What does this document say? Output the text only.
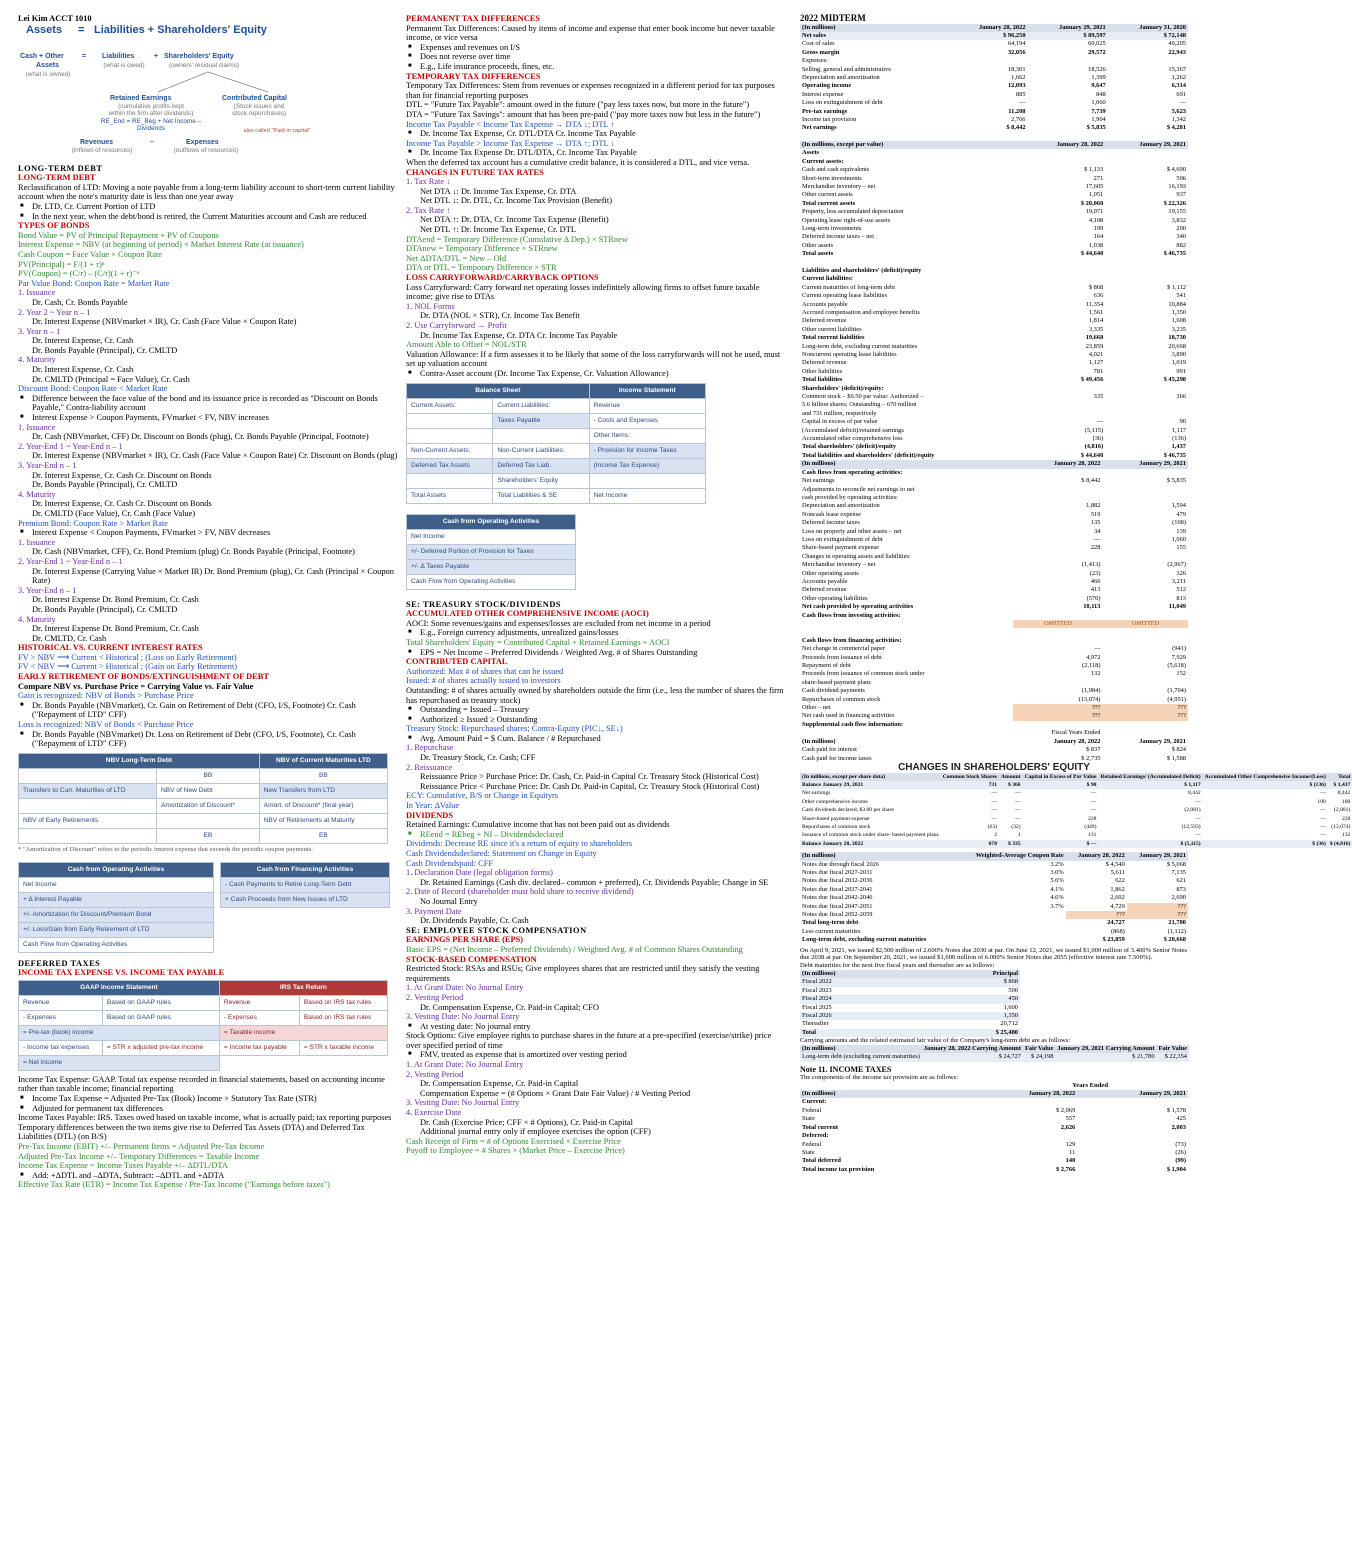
Lei Kim ACCT 1010
Assets = Liabilities + Shareholders' Equity
Cash + Other
Assets
(what is owned)
= Liabilities
(what is owed)
+ Shareholders' Equity
(owners' residual claims)
Retained Earnings
(cumulative profits kept
within the firm after dividends)
RE_End = RE_Beg + Net Income – Dividends
Contributed Capital
(Stock issues and
stock repurchases)
also called "Paid-in capital"
Revenues
(inflows of resources)
–	Expenses
(outflows of resources)
LONG-TERM DEBT
LONG-TERM DEBT
Reclassification of LTD: Moving a note payable from a long-term liability account to short-term current liability account when the note's maturity date is less than one year away
■ Dr. LTD, Cr. Current Portion of LTD
■ In the next year, when the debt/bond is retired, the Current Maturities account and Cash are reduced
TYPES OF BONDS
Bond Value = PV of Principal Repayment + PV of Coupons
Interest Expense = NBV (at beginning of period) × Market Interest Rate (at issuance)
Cash Coupon = Face Value × Coupon Rate
PV(Principal) = F/(1 + r)ⁿ
PV(Coupon) = (C/r) – (C/r)(1 + r)⁻ⁿ
Par Value Bond: Coupon Rate = Market Rate
1. Issuance
Dr. Cash, Cr. Bonds Payable
2. Year 2 ~ Year n – 1
Dr. Interest Expense (NBVmarket × IR), Cr. Cash (Face Value × Coupon Rate)
3. Year n – 1
Dr. Interest Expense, Cr. Cash
Dr. Bonds Payable (Principal), Cr. CMLTD
4. Maturity
Dr. Interest Expense, Cr. Cash
Dr. CMLTD (Principal = Face Value), Cr. Cash
Discount Bond: Coupon Rate < Market Rate
■ Difference between the face value of the bond and its issuance price is recorded as "Discount on Bonds Payable," Contra-liability account
■ Interest Expense > Coupon Payments, FVmarket < FV, NBV increases
1. Issuance
Dr. Cash (NBVmarket, CFF) Dr. Discount on Bonds (plug), Cr. Bonds Payable (Principal, Footnote)
2. Year-End 1 ~ Year-End n – 1
Dr. Interest Expense (NBVmarket × IR), Cr. Cash (Face Value × Coupon Rate) Cr. Discount on Bonds (plug)
3. Year-End n – 1
Dr. Interest Expense, Cr. Cash Cr. Discount on Bonds
Dr. Bonds Payable (Principal), Cr. CMLTD
4. Maturity
Dr. Interest Expense, Cr. Cash Cr. Discount on Bonds
Dr. CMLTD (Face Value), Cr. Cash (Face Value)
Premium Bond: Coupon Rate > Market Rate
■ Interest Expense < Coupon Payments, FVmarket > FV, NBV decreases
1. Issuance
Dr. Cash (NBVmarket, CFF), Cr. Bond Premium (plug) Cr. Bonds Payable (Principal, Footnote)
2. Year-End 1 ~ Year-End n – 1
Dr. Interest Expense (Carrying Value × Market IR) Dr. Bond Premium (plug), Cr. Cash (Principal × Coupon Rate)
3. Year-End n – 1
Dr. Interest Expense Dr. Bond Premium, Cr. Cash
Dr. Bonds Payable (Principal), Cr. CMLTD
4. Maturity
Dr. Interest Expense Dr. Bond Premium, Cr. Cash
Dr. CMLTD, Cr. Cash
HISTORICAL VS. CURRENT INTEREST RATES
FV > NBV ⟶ Current < Historical ; (Loss on Early Retirement)
FV < NBV ⟶ Current > Historical ; (Gain on Early Retirement)
EARLY RETIREMENT OF BONDS/EXTINGUISHMENT OF DEBT
Compare NBV vs. Purchase Price = Carrying Value vs. Fair Value
Gain is recognized: NBV of Bonds > Purchase Price
■ Dr. Bonds Payable (NBVmarket), Cr. Gain on Retirement of Debt (CFO, I/S, Footnote) Cr. Cash ("Repayment of LTD" CFF)
Loss is recognized: NBV of Bonds < Purchase Price
■ Dr. Bonds Payable (NBVmarket) Dr. Loss on Retirement of Debt (CFO, I/S, Footnote), Cr. Cash ("Repayment of LTD" CFF)
NBV Long-Term Debt		NBV of Current Maturities LTD
	BB	BB
Transfers to Curr. Maturities of LTD	NBV of New Debt	New Transfers from LTD
	Amortization of Discount*	Amort. of Discount* (final year)
NBV of Early Retirements		NBV of Retirements at Maturity
	EB	EB
* "Amortization of Discount" refers to the periodic interest expense that exceeds the periodic coupon payments.
Cash from Operating Activities
Net Income
+ Δ Interest Payable
+/- Amortization for Discount/Premium Bond
+/- Loss/Gain from Early Retirement of LTD
Cash Flow from Operating Activities
Cash from Financing Activities
- Cash Payments to Retire Long-Term Debt
+ Cash Proceeds from New Issues of LTD
DEFERRED TAXES
INCOME TAX EXPENSE VS. INCOME TAX PAYABLE
GAAP Income Statement		IRS Tax Return	
Revenue	Based on GAAP rules	Revenue	Based on IRS tax rules
- Expenses	Based on GAAP rules	- Expenses	Based on IRS tax rules
= Pre-tax (book) income		= Taxable income	
- Income tax expenses	= STR x adjusted pre-tax income	= Income tax payable	= STR x taxable income
= Net income			
Income Tax Expense: GAAP. Total tax expense recorded in financial statements, based on accounting income rather than taxable income; financial reporting
■ Income Tax Expense = Adjusted Pre-Tax (Book) Income × Statutory Tax Rate (STR)
■ Adjusted for permanent tax differences
Income Taxes Payable: IRS. Taxes owed based on taxable income, what is actually paid; tax reporting purposes
Temporary differences between the two items give rise to Deferred Tax Assets (DTA) and Deferred Tax Liabilities (DTL) (on B/S)
Pre-Tax Income (EBIT) +/– Permanent Items = Adjusted Pre-Tax Income
Adjusted Pre-Tax Income +/– Temporary Differences = Taxable Income
Income Tax Expense = Income Taxes Payable +/– ΔDTL/DTA
■ Add: +ΔDTL and –ΔDTA, Subtract: –ΔDTL and +ΔDTA
Effective Tax Rate (ETR) = Income Tax Expense / Pre-Tax Income ("Earnings before taxes")
PERMANENT TAX DIFFERENCES
Permanent Tax Differences: Caused by items of income and expense that enter book income but never taxable income, or vice versa
■ Expenses and revenues on I/S
■ Does not reverse over time
■ E.g., Life insurance proceeds, fines, etc.
TEMPORARY TAX DIFFERENCES
Temporary Tax Differences: Stem from revenues or expenses recognized in a different period for tax purposes than for financial reporting purposes
DTL = "Future Tax Payable": amount owed in the future ("pay less taxes now, but more in the future")
DTA = "Future Tax Savings": amount that has been pre-paid ("pay more taxes now but less in the future")
Income Tax Payable < Income Tax Expense → DTA ↓; DTL ↑
■ Dr. Income Tax Expense, Cr. DTL/DTA Cr. Income Tax Payable
Income Tax Payable > Income Tax Expense → DTA ↑; DTL ↓
■ Dr. Income Tax Expense Dr. DTL/DTA, Cr. Income Tax Payable
When the deferred tax account has a cumulative credit balance, it is considered a DTL, and vice versa.
CHANGES IN FUTURE TAX RATES
1. Tax Rate ↓
Net DTA ↓: Dr. Income Tax Expense, Cr. DTA
Net DTL ↓: Dr. DTL, Cr. Income Tax Provision (Benefit)
2. Tax Rate ↑
Net DTA ↑: Dr. DTA, Cr. Income Tax Expense (Benefit)
Net DTL ↑: Dr. Income Tax Expense, Cr. DTL
DTAend = Temporary Difference (Cumulative Δ Dep.) × STRnew
DTAnew = Temporary Difference × STRnew
Net ΔDTA/DTL = New – Old
DTA or DTL = Temporary Difference × STR
LOSS CARRYFORWARD/CARRYBACK OPTIONS
Loss Carryforward: Carry forward net operating losses indefinitely allowing firms to offset future taxable income; give rise to DTAs
1. NOL Forms
Dr. DTA (NOL × STR), Cr. Income Tax Benefit
2. Use Carryforward → Profit
Dr. Income Tax Expense, Cr. DTA Cr. Income Tax Payable
Amount Able to Offset = NOL/STR
Valuation Allowance: If a firm assesses it to be likely that some of the loss carryforwards will not be used, must set up valuation account
■ Contra-Asset account (Dr. Income Tax Expense, Cr. Valuation Allowance)
Balance Sheet		Income Statement
Current Assets:	Current Liabilities:	Revenue
	Taxes Payable	- Costs and Expenses
		Other Items:
Non-Current Assets:	Non-Current Liabilities:	- Provision for Income Taxes
Deferred Tax Assets	Deferred Tax Liab.	(Income Tax Expense)
	Shareholders' Equity	
Total Assets	Total Liabilities & SE	Net Income
Cash from Operating Activities
Net Income
+/- Deferred Portion of Provision for Taxes
+/- Δ Taxes Payable
Cash Flow from Operating Activities
SE: TREASURY STOCK/DIVIDENDS
ACCUMULATED OTHER COMPREHENSIVE INCOME (AOCI)
AOCI: Some revenues/gains and expenses/losses are excluded from net income in a period
■ E.g., Foreign currency adjustments, unrealized gains/losses
Total Shareholders' Equity = Contributed Capital + Retained Earnings + AOCI
■ EPS = Net Income – Preferred Dividends / Weighted Avg. # of Shares Outstanding
CONTRIBUTED CAPITAL
Authorized: Max # of shares that can be issued
Issued: # of shares actually issued to investors
Outstanding: # of shares actually owned by shareholders outside the firm (i.e., less the number of shares the firm has repurchased as treasury stock)
■ Outstanding = Issued – Treasury
■ Authorized ≥ Issued ≥ Outstanding
Treasury Stock: Repurchased shares; Contra-Equity (PIC↓, SE↓)
■ Avg. Amount Paid = $ Cum. Balance / # Repurchased
1. Repurchase
Dr. Treasury Stock, Cr. Cash; CFF
2. Reissuance
Reissuance Price > Purchase Price: Dr. Cash, Cr. Paid-in Capital Cr. Treasury Stock (Historical Cost)
Reissuance Price < Purchase Price: Dr. Cash Dr. Paid-in Capital, Cr. Treasury Stock (Historical Cost)
ECY: Cumulative, B/S or Change in Equityrs
In Year: ΔValue
DIVIDENDS
Retained Earnings: Cumulative income that has not been paid out as dividends
■ REend = REbeg + NI – Dividendsdeclared
Dividends: Decrease RE since it's a return of equity to shareholders
Cash Dividendsdeclared: Statement on Change in Equity
Cash Dividendspaid: CFF
1. Declaration Date (legal obligation forms)
Dr. Retained Earnings (Cash div. declared– common + preferred), Cr. Dividends Payable; Change in SE
2. Date of Record (shareholder must hold share to receive dividend)
No Journal Entry
3. Payment Date
Dr. Dividends Payable, Cr. Cash
SE: EMPLOYEE STOCK COMPENSATION
EARNINGS PER SHARE (EPS)
Basic EPS = (Net Income – Preferred Dividends) / Weighted Avg. # of Common Shares Outstanding
STOCK-BASED COMPENSATION
Restricted Stock: RSAs and RSUs; Give employees shares that are restricted until they satisfy the vesting requirements
1. At Grant Date: No Journal Entry
2. Vesting Period
Dr. Compensation Expense, Cr. Paid-in Capital; CFO
3. Vesting Date: No Journal Entry
■ At vesting date: No journal entry
Stock Options: Give employee rights to purchase shares in the future at a pre-specified (exercise/strike) price over specified period of time
■ FMV, treated as expense that is amortized over vesting period
1. At Grant Date: No Journal Entry
2. Vesting Period
Dr. Compensation Expense, Cr. Paid-in Capital
Compensation Expense = (# Options × Grant Date Fair Value) / # Vesting Period
3. Vesting Date: No Journal Entry
4. Exercise Date
Dr. Cash (Exercise Price; CFF × # Options), Cr. Paid-in Capital
Additional journal entry only if employee exercises the option (CFF)
Cash Receipt of Firm = # of Options Exercised × Exercise Price
Payoff to Employee = # Shares × (Market Price – Exercise Price)
2022 MIDTERM
(In millions)	January 28, 2022	January 29, 2021	January 31, 2020
Net sales	$ 96,250	$ 89,597	$ 72,148
Cost of sales	64,194	60,025	49,205
Gross margin	32,056	29,572	22,943
Expenses:			
Selling, general and administrative	18,301	18,526	15,367
Depreciation and amortization	1,662	1,399	1,262
Operating income	12,093	9,647	6,314
Interest expense	885	848	691
Loss on extinguishment of debt	—	1,060	—
Pre-tax earnings	11,208	7,739	5,623
Income tax provision	2,766	1,904	1,342
Net earnings	$ 8,442	$ 5,835	$ 4,281
(In millions, except par value)	January 28, 2022	January 29, 2021
Assets		
Current assets:		
Cash and cash equivalents	$ 1,133	$ 4,690
Short-term investments	271	506
Merchandise inventory – net	17,605	16,193
Other current assets	1,051	937
Total current assets	$ 20,060	$ 22,326
Property, less accumulated depreciation	19,071	19,155
Operating lease right-of-use assets	4,108	3,832
Long-term investments	199	200
Deferred income taxes – net	164	340
Other assets	1,038	882
Total assets	$ 44,640	$ 46,735

Liabilities and shareholders' (deficit)/equity		
Current liabilities:		
Current maturities of long-term debt	$ 868	$ 1,112
Current operating lease liabilities	636	541
Accounts payable	11,354	10,884
Accrued compensation and employee benefits	1,561	1,350
Deferred revenue	1,814	1,608
Other current liabilities	3,335	3,235
Total current liabilities	19,668	18,730
Long-term debt, excluding current maturities	23,859	20,668
Noncurrent operating lease liabilities	4,021	3,890
Deferred revenue	1,127	1,019
Other liabilities	781	991
Total liabilities	$ 49,456	$ 45,298
Shareholders' (deficit)/equity:		
Common stock – $0.50 par value: Authorized –	335	366
5.6 billion shares; Outstanding – 670 million		
and 731 million, respectively		
Capital in excess of par value	—	90
(Accumulated deficit)/retained earnings	(5,115)	1,117
Accumulated other comprehensive loss	(36)	(136)
Total shareholders' (deficit)/equity	(4,816)	1,437
Total liabilities and shareholders' (deficit)/equity	$ 44,640	$ 46,735
(In millions)	January 28, 2022	January 29, 2021
Cash flows from operating activities:		
Net earnings	$ 8,442	$ 5,835
Adjustments to reconcile net earnings to net		
cash provided by operating activities:		
Depreciation and amortization	1,882	1,594
Noncash lease expense	519	479
Deferred income taxes	135	(108)
Loss on property and other assets – net	34	139
Loss on extinguishment of debt	—	1,060
Share-based payment expense	228	155
Changes in operating assets and liabilities:		
Merchandise inventory – net	(1,413)	(2,967)
Other operating assets	(23)	326
Accounts payable	466	3,211
Deferred revenue	413	512
Other operating liabilities	(570)	813
Net cash provided by operating activities	10,113	11,049
Cash flows from investing activities:		
	OMITTED	OMITTED

Cash flows from financing activities:		
Net change in commercial paper	—	(941)
Proceeds from issuance of debt	4,972	7,929
Repayment of debt	(2,118)	(5,618)
Proceeds from issuance of common stock under	132	152
share-based payment plans		
Cash dividend payments	(1,984)	(1,704)
Repurchases of common stock	(13,074)	(4,951)
Other – net	???	???
Net cash used in financing activities	???	???
Supplemental cash flow information:		
	Fiscal Years Ended	
(In millions)	January 28, 2022	January 29, 2021
Cash paid for interest	$ 837	$ 824
Cash paid for income taxes	$ 2,735	$ 1,588
CHANGES IN SHAREHOLDERS' EQUITY
(In millions, except per share data)	Common Stock Shares	Amount	Capital in Excess of Par Value	Retained Earnings/ (Accumulated Deficit)	Accumulated Other Comprehensive Income/(Loss)	Total
Balance January 29, 2021	731	$ 366	$ 90	$ 1,117	$ (136)	$ 1,437
Net earnings	—	—	—	8,442	—	8,442
Other comprehensive income	—	—	—	—	100	100
Cash dividends declared, $3.00 per share	—	—	—	(2,081)	—	(2,081)
Share-based payment expense	—	—	228	—	—	228
Repurchases of common stock	(63)	(32)	(449)	(12,593)	—	(13,074)
Issuance of common stock under share- based payment plans	2	1	131	—	—	132
Balance January 28, 2022	670	$ 335	$ —	$ (5,115)	$ (36)	$ (4,816)
(In millions)	Weighted-Average Coupon Rate	January 28, 2022	January 29, 2021
Notes due through fiscal 2026	3.2%	$ 4,540	$ 5,068
Notes due fiscal 2027-2031	3.0%	5,611	7,135
Notes due fiscal 2032-2036	5.6%	622	621
Notes due fiscal 2037-2041	4.1%	1,862	873
Notes due fiscal 2042-2046	4.6%	2,692	2,690
Notes due fiscal 2047-2051	3.7%	4,729	???
Notes due fiscal 2052-2059		???	???
Total long-term debt		24,727	21,780
Less current maturities		(868)	(1,112)
Long-term debt, excluding current maturities		$ 23,859	$ 20,668
On April 9, 2021, we issued $2,500 million of 2.600% Notes due 2030 at par. On June 12, 2021, we issued $1,000 million of 3.400% Senior Notes due 2038 at par. On September 20, 2021, we issued $1,600 million of 6.000% Senior Notes due 2055 (effective interest rate 7.500%).
Debt maturities for the next five fiscal years and thereafter are as follows:
(In millions)	Principal
Fiscal 2022	$ 868
Fiscal 2023	500
Fiscal 2024	450
Fiscal 2025	1,600
Fiscal 2026	1,350
Thereafter	20,712
Total	$ 25,480
Carrying amounts and the related estimated fair value of the Company's long-term debt are as follows:
(In millions)	January 28, 2022 Carrying Amount	Fair Value	January 29, 2021 Carrying Amount	Fair Value
Long-term debt (excluding current maturities)	$ 24,727	$ 24,198	$ 21,780	$ 22,354
Note 11. INCOME TAXES
The components of the income tax provision are as follows:
Years Ended
(In millions)	January 28, 2022	January 29, 2021
Current:		
Federal	$ 2,069	$ 1,578
State	557	425
Total current	2,626	2,003
Deferred:		
Federal	129	(73)
State	11	(26)
Total deferred	140	(99)
Total income tax provision	$ 2,766	$ 1,904
